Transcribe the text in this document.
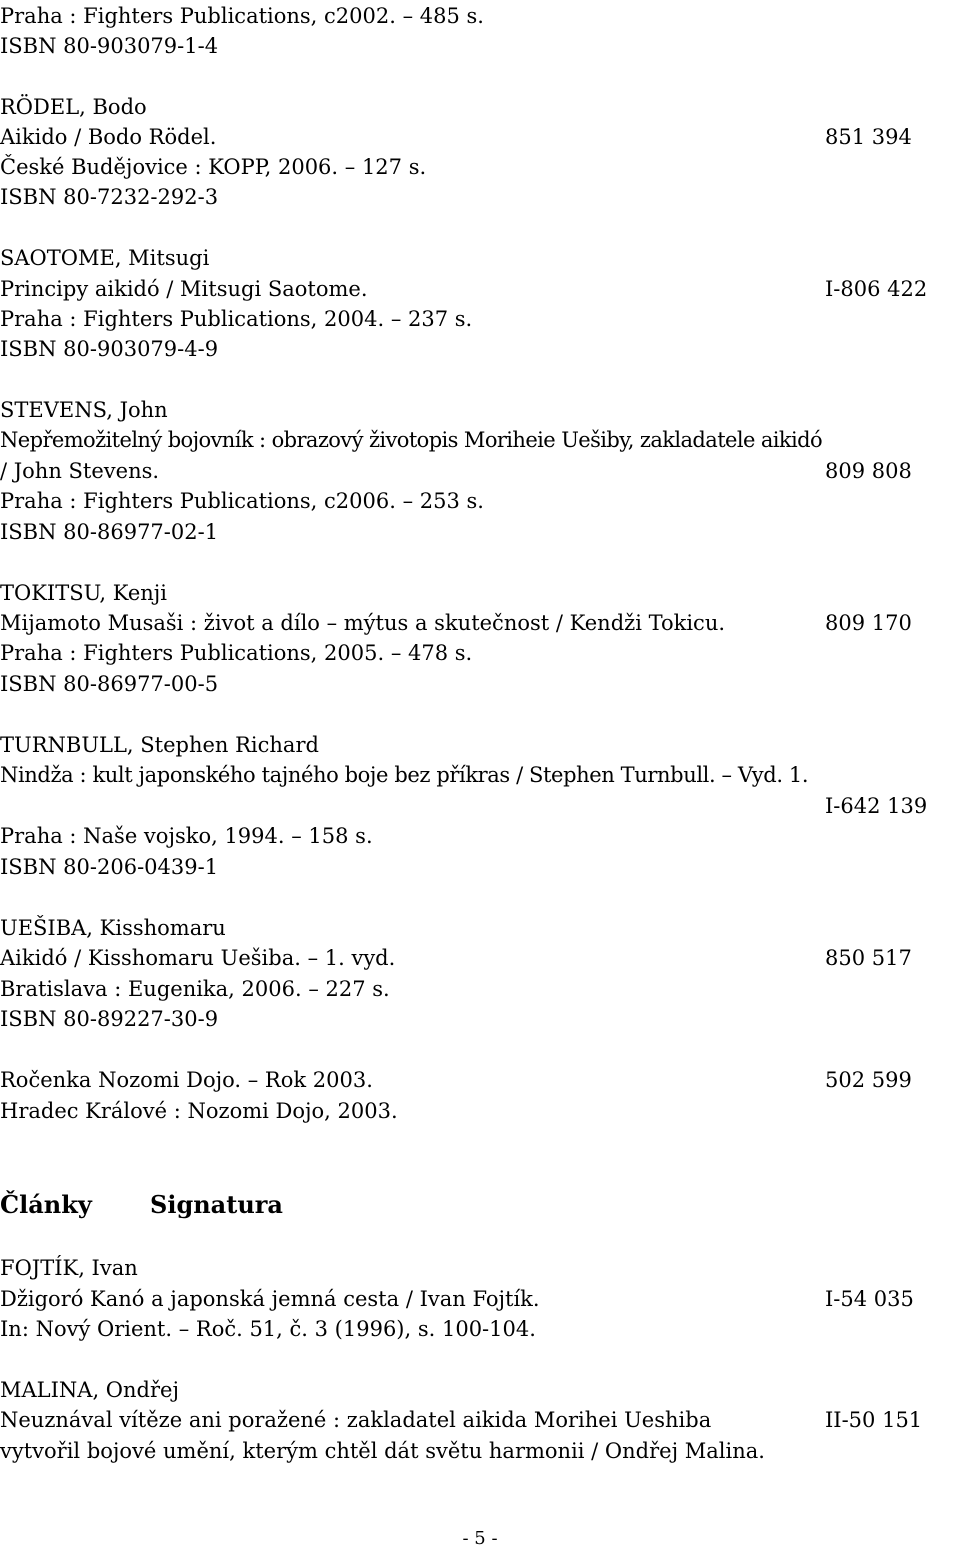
Praha : Fighters Publications, c2002. – 485 s.
ISBN 80-903079-1-4
RÖDEL, Bodo
Aikido / Bodo Rödel.	851 394
České Budějovice : KOPP, 2006. – 127 s.
ISBN 80-7232-292-3
SAOTOME, Mitsugi
Principy aikidó / Mitsugi Saotome.	I-806 422
Praha : Fighters Publications, 2004. – 237 s.
ISBN 80-903079-4-9
STEVENS, John
Nepřemožitelný bojovník : obrazový životopis Moriheie Uešiby, zakladatele aikidó
/ John Stevens.	809 808
Praha : Fighters Publications, c2006. – 253 s.
ISBN 80-86977-02-1
TOKITSU, Kenji
Mijamoto Musaši : život a dílo – mýtus a skutečnost / Kendži Tokicu.	809 170
Praha : Fighters Publications, 2005. – 478 s.
ISBN 80-86977-00-5
TURNBULL, Stephen Richard
Nindža : kult japonského tajného boje bez příkras / Stephen Turnbull. – Vyd. 1.
I-642 139
Praha : Naše vojsko, 1994. – 158 s.
ISBN 80-206-0439-1
UEŠIBA, Kisshomaru
Aikidó / Kisshomaru Uešiba. – 1. vyd.	850 517
Bratislava : Eugenika, 2006. – 227 s.
ISBN 80-89227-30-9
Ročenka Nozomi Dojo. – Rok 2003.	502 599
Hradec Králové : Nozomi Dojo, 2003.
Články Signatura
FOJTÍK, Ivan
Džigoró Kanó a japonská jemná cesta / Ivan Fojtík.	I-54 035
In: Nový Orient. – Roč. 51, č. 3 (1996), s. 100-104.
MALINA, Ondřej
Neuznával vítěze ani poražené : zakladatel aikida Morihei Ueshiba	II-50 151
vytvořil bojové umění, kterým chtěl dát světu harmonii / Ondřej Malina.
- 5 -
